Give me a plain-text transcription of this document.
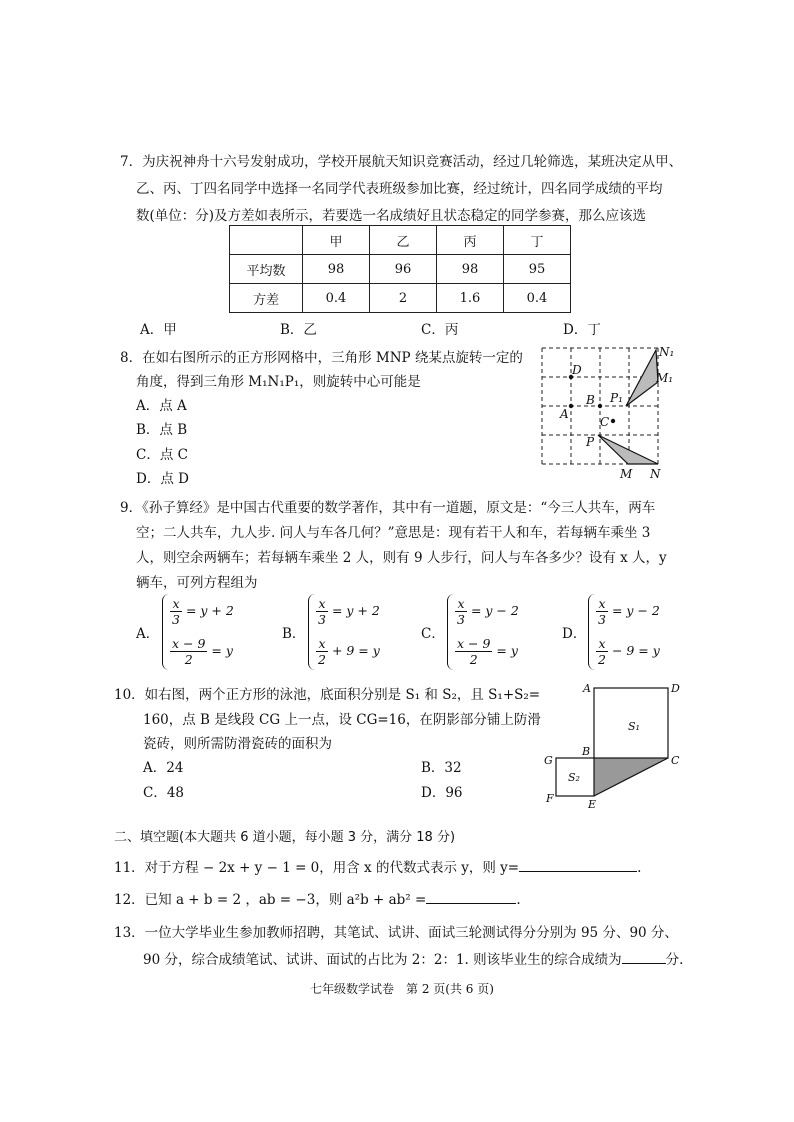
7．为庆祝神舟十六号发射成功，学校开展航天知识竞赛活动，经过几轮筛选，某班决定从甲、
乙、丙、丁四名同学中选择一名同学代表班级参加比赛，经过统计，四名同学成绩的平均
数(单位：分)及方差如表所示，若要选一名成绩好且状态稳定的同学参赛，那么应该选
	甲	乙	丙	丁
平均数	98	96	98	95
方差	0.4	2	1.6	0.4
A．甲	B．乙	C．丙	D．丁
8．在如右图所示的正方形网格中，三角形 MNP 绕某点旋转一定的
角度，得到三角形 M₁N₁P₁，则旋转中心可能是
A．点 A
B．点 B
C．点 C
D．点 D
N₁
M₁
D
B P₁
A
C
P
M N
9．《孙子算经》是中国古代重要的数学著作，其中有一道题，原文是：“今三人共车，两车
空；二人共车，九人步. 问人与车各几何？”意思是：现有若干人和车，若每辆车乘坐 3
人，则空余两辆车；若每辆车乘坐 2 人，则有 9 人步行，问人与车各多少？设有 x 人，y
辆车，可列方程组为
A．
$\frac{x}{3} = y + 2$
$\frac{x - 9}{2} = y$
B．
$\frac{x}{3} = y + 2$
$\frac{x}{2} + 9 = y$
C．
$\frac{x}{3} = y - 2$
$\frac{x - 9}{2} = y$
D．
$\frac{x}{3} = y - 2$
$\frac{x}{2} - 9 = y$
10．如右图，两个正方形的泳池，底面积分别是 S₁ 和 S₂，且 S₁+S₂=
160，点 B 是线段 CG 上一点，设 CG=16，在阴影部分铺上防滑
瓷砖，则所需防滑瓷砖的面积为
A．24	B．32
C．48	D．96
A	D
S₁
G
B
C
S₂
F	E
二、填空题(本大题共 6 道小题，每小题 3 分，满分 18 分)
11．对于方程 − 2x + y − 1 = 0，用含 x 的代数式表示 y，则 y=	.
12．已知 a + b = 2 ，ab = −3，则 a²b + ab² =	.
13．一位大学毕业生参加教师招聘，其笔试、试讲、面试三轮测试得分分别为 95 分、90 分、
90 分，综合成绩笔试、试讲、面试的占比为 2：2：1. 则该毕业生的综合成绩为	分.
七年级数学试卷　第 2 页(共 6 页)
